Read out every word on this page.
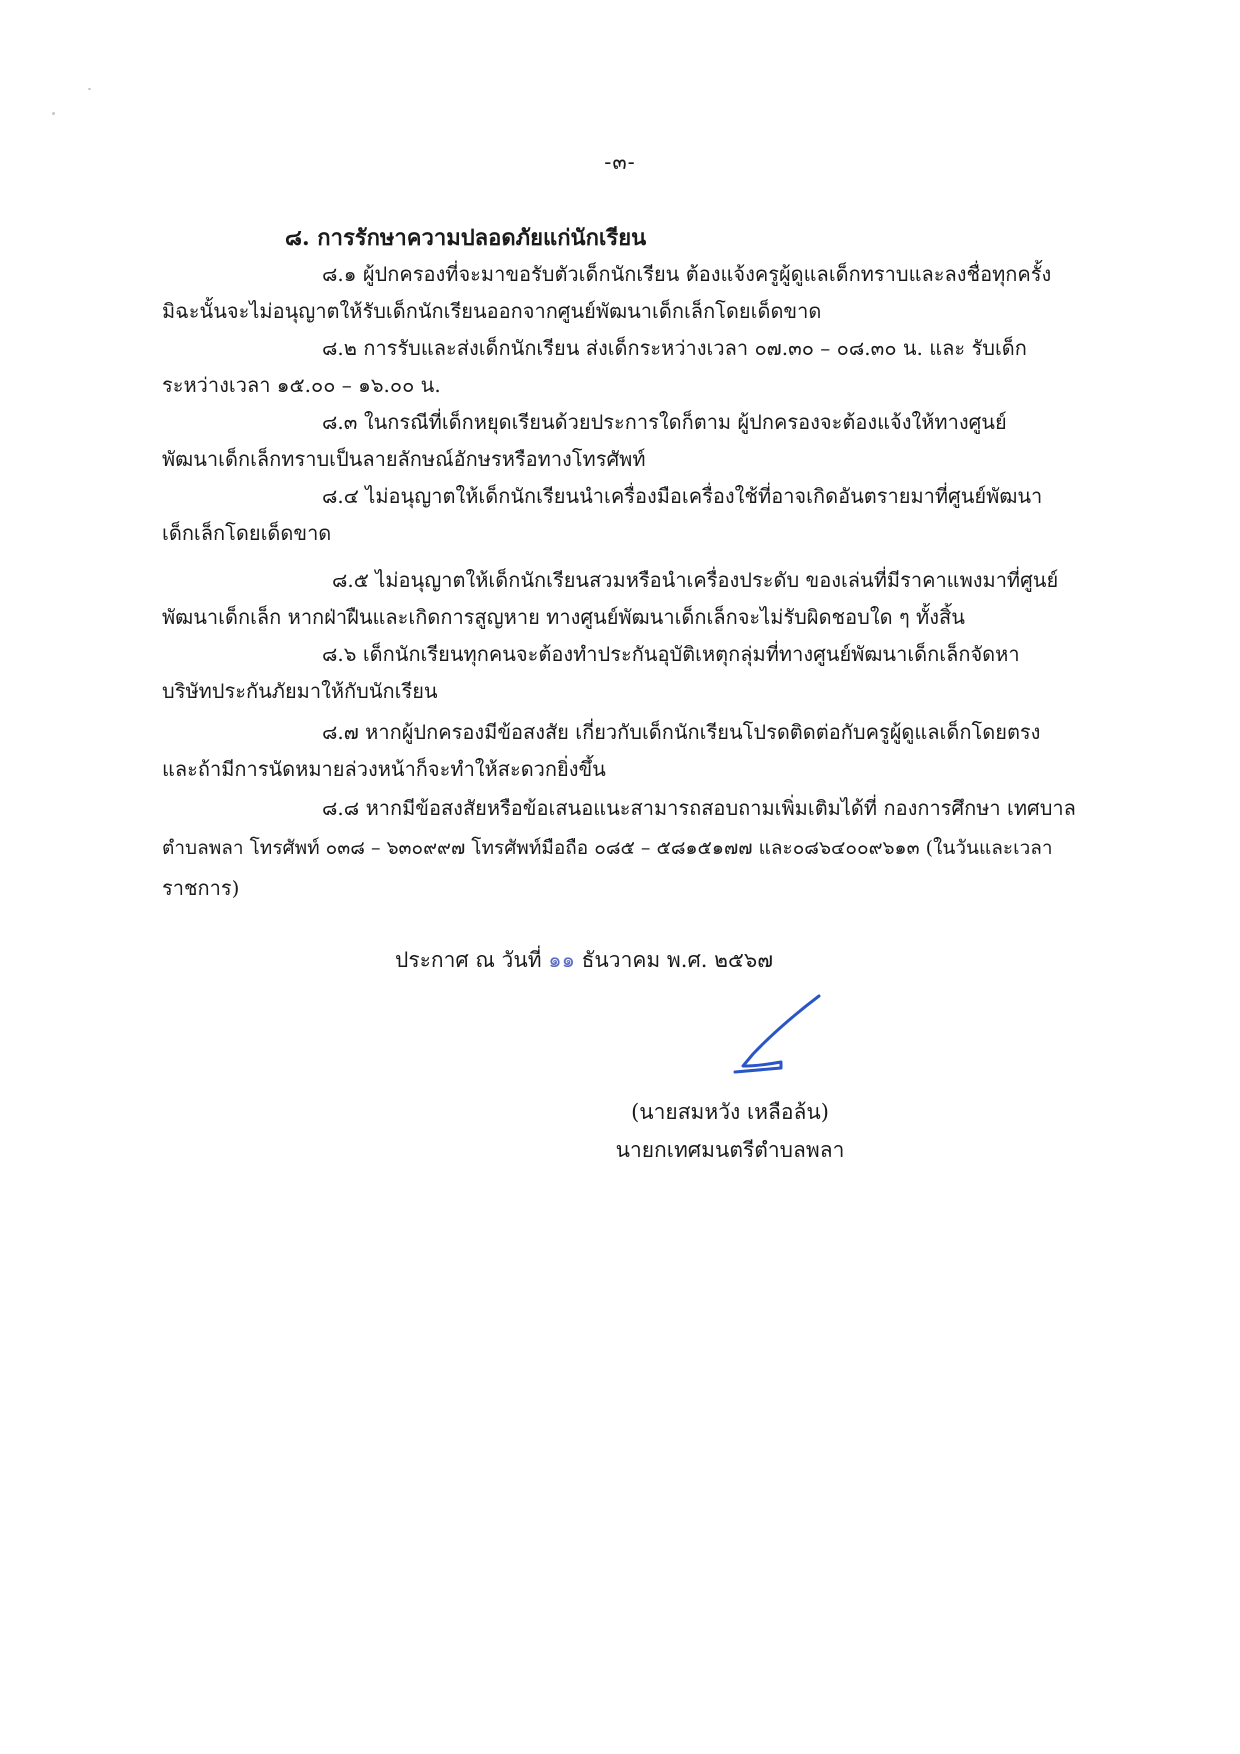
-๓-
๘. การรักษาความปลอดภัยแก่นักเรียน

๘.๑ ผู้ปกครองที่จะมาขอรับตัวเด็กนักเรียน ต้องแจ้งครูผู้ดูแลเด็กทราบและลงชื่อทุกครั้ง
มิฉะนั้นจะไม่อนุญาตให้รับเด็กนักเรียนออกจากศูนย์พัฒนาเด็กเล็กโดยเด็ดขาด

๘.๒ การรับและส่งเด็กนักเรียน ส่งเด็กระหว่างเวลา ๐๗.๓๐ – ๐๘.๓๐ น. และ รับเด็ก
ระหว่างเวลา ๑๕.๐๐ – ๑๖.๐๐ น.

๘.๓ ในกรณีที่เด็กหยุดเรียนด้วยประการใดก็ตาม ผู้ปกครองจะต้องแจ้งให้ทางศูนย์
พัฒนาเด็กเล็กทราบเป็นลายลักษณ์อักษรหรือทางโทรศัพท์

๘.๔ ไม่อนุญาตให้เด็กนักเรียนนำเครื่องมือเครื่องใช้ที่อาจเกิดอันตรายมาที่ศูนย์พัฒนา
เด็กเล็กโดยเด็ดขาด

๘.๕ ไม่อนุญาตให้เด็กนักเรียนสวมหรือนำเครื่องประดับ ของเล่นที่มีราคาแพงมาที่ศูนย์
พัฒนาเด็กเล็ก หากฝ่าฝืนและเกิดการสูญหาย ทางศูนย์พัฒนาเด็กเล็กจะไม่รับผิดชอบใด ๆ ทั้งสิ้น

๘.๖ เด็กนักเรียนทุกคนจะต้องทำประกันอุบัติเหตุกลุ่มที่ทางศูนย์พัฒนาเด็กเล็กจัดหา
บริษัทประกันภัยมาให้กับนักเรียน

๘.๗ หากผู้ปกครองมีข้อสงสัย เกี่ยวกับเด็กนักเรียนโปรดติดต่อกับครูผู้ดูแลเด็กโดยตรง
และถ้ามีการนัดหมายล่วงหน้าก็จะทำให้สะดวกยิ่งขึ้น

๘.๘ หากมีข้อสงสัยหรือข้อเสนอแนะสามารถสอบถามเพิ่มเติมได้ที่ กองการศึกษา เทศบาล
ตำบลพลา โทรศัพท์ ๐๓๘ – ๖๓๐๙๙๗ โทรศัพท์มือถือ ๐๘๕ – ๕๘๑๕๑๗๗ และ๐๘๖๔๐๐๙๖๑๓ (ในวันและเวลา
ราชการ)

ประกาศ ณ วันที่ ๑๑ ธันวาคม พ.ศ. ๒๕๖๗
(นายสมหวัง เหลือล้น)
นายกเทศมนตรีตำบลพลา
